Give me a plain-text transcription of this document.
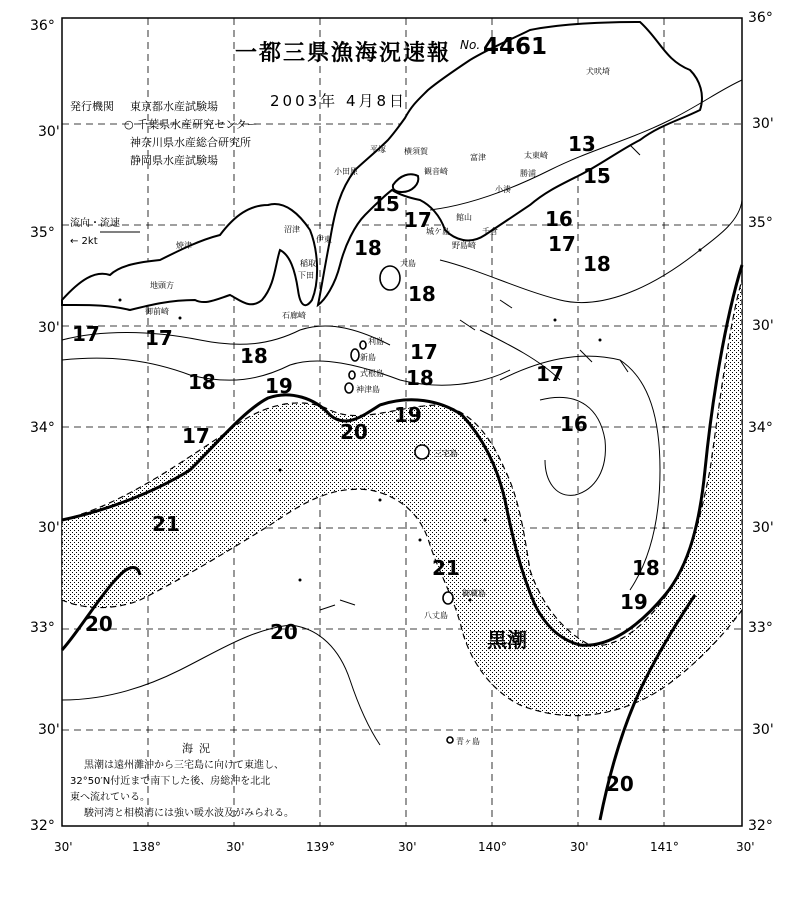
一都三県漁海況速報 No. 4461
2003年 4月8日
発行機関 東京都水産試験場
○ 千葉県水産研究センター
神奈川県水産総合研究所
静岡県水産試験場
流向・流速
← 2kt
36°
30'
35°
30'
34°
30'
33°
30'
32°
36°
30'
35°
30'
34°
30'
33°
30'
32°
30'	138°	30'	139°	30'	140°	30'	141°	30'
13
15
16
17
18
15
17
18
18
17 17
17
18
18	17
16
19
20
19
21
21	18
19
20	20
20
17
18
黒潮
犬吠埼
太東崎
勝浦
小湊
千倉
野島崎
館山
富津
横須賀
観音崎
平塚
小田原
伊東
稲取
下田
石廊崎
沼津
焼津
御前崎
大島
利島
新島
式根島
神津島
三宅島
御蔵島
八丈島
青ヶ島
地頭方
城ケ島
海況
黒潮は遠州灘沖から三宅島に向けて東進し、
32°50′N付近まで南下した後、房総沖を北北
東へ流れている。
駿河湾と相模湾には強い暖水波及がみられる。
